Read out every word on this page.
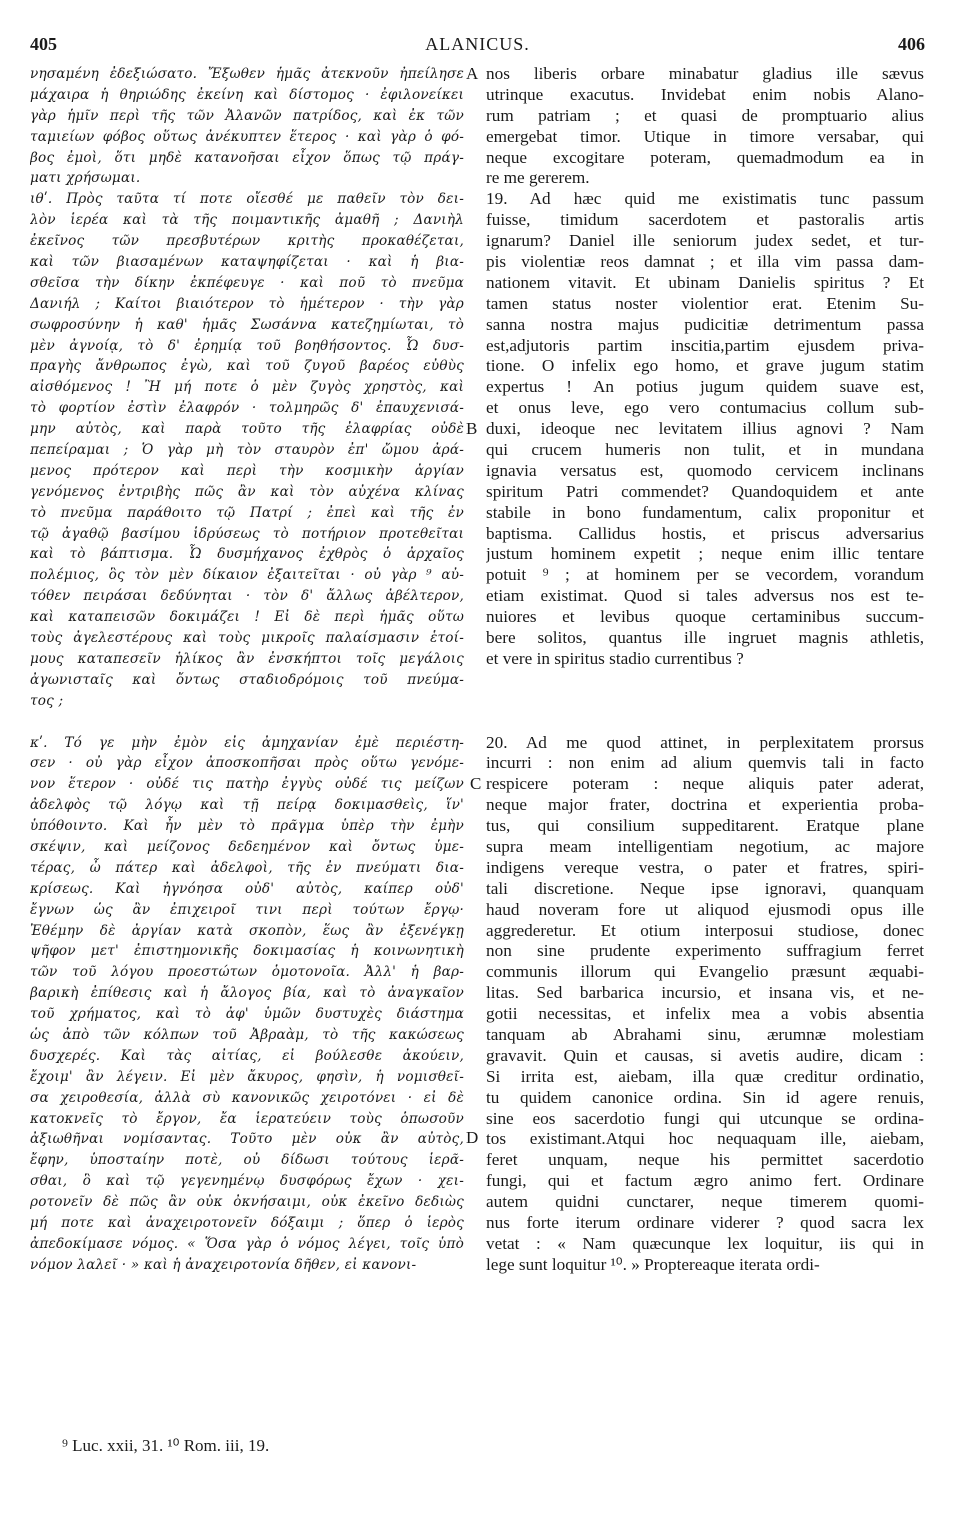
405	ALANICUS.	406
νησαμένη ἐδεξιώσατο. Ἔξωθεν ἡμᾶς ἀτεκνοῦν ἠπείλησε
μάχαιρα ἡ θηριώδης ἐκείνη καὶ δίστομος · ἐφιλονείκει
γὰρ ἡμῖν περὶ τῆς τῶν Ἀλανῶν πατρίδος, καὶ ἐκ τῶν
ταμιείων φόβος οὕτως ἀνέκυπτεν ἕτερος · καὶ γὰρ ὁ φό-
βος ἐμοὶ, ὅτι μηδὲ κατανοῆσαι εἶχον ὅπως τῷ πράγ-
ματι χρήσωμαι.
ιθʹ. Πρὸς ταῦτα τί ποτε οἴεσθέ με παθεῖν τὸν δει-
λὸν ἱερέα καὶ τὰ τῆς ποιμαντικῆς ἀμαθῆ ; Δανιὴλ
ἐκεῖνος τῶν πρεσβυτέρων κριτὴς προκαθέζεται,
καὶ τῶν βιασαμένων καταψηφίζεται · καὶ ἡ βια-
σθεῖσα τὴν δίκην ἐκπέφευγε · καὶ ποῦ τὸ πνεῦμα
Δανιήλ ; Καίτοι βιαιότερον τὸ ἡμέτερον · τὴν γὰρ
σωφροσύνην ἡ καθ' ἡμᾶς Σωσάννα κατεζημίωται, τὸ
μὲν ἀγνοίᾳ, τὸ δ' ἐρημίᾳ τοῦ βοηθήσοντος. Ὦ δυσ-
πραγὴς ἄνθρωπος ἐγὼ, καὶ τοῦ ζυγοῦ βαρέος εὐθὺς
αἰσθόμενος ! Ἢ μή ποτε ὁ μὲν ζυγὸς χρηστὸς, καὶ
τὸ φορτίον ἐστὶν ἐλαφρόν · τολμηρῶς δ' ἐπαυχενισά-
μην αὐτὸς, καὶ παρὰ τοῦτο τῆς ἐλαφρίας οὐδὲ
πεπείραμαι ; Ὁ γὰρ μὴ τὸν σταυρὸν ἐπ' ὤμου ἀρά-
μενος πρότερον καὶ περὶ τὴν κοσμικὴν ἀργίαν
γενόμενος ἐντριβὴς πῶς ἂν καὶ τὸν αὐχένα κλίνας
τὸ πνεῦμα παράθοιτο τῷ Πατρί ; ἐπεὶ καὶ τῆς ἐν
τῷ ἀγαθῷ βασίμου ἱδρύσεως τὸ ποτήριον προτεθεῖται
καὶ τὸ βάπτισμα. Ὦ δυσμήχανος ἐχθρὸς ὁ ἀρχαῖος
πολέμιος, ὃς τὸν μὲν δίκαιον ἐξαιτεῖται · οὐ γὰρ ⁹ αὐ-
τόθεν πειράσαι δεδύνηται · τὸν δ' ἄλλως ἀβέλτερον,
καὶ καταπεισῶν δοκιμάζει ! Εἰ δὲ περὶ ἡμᾶς οὕτω
τοὺς ἀγελεστέρους καὶ τοὺς μικροῖς παλαίσμασιν ἑτοί-
μους καταπεσεῖν ἡλίκος ἂν ἐνσκήπτοι τοῖς μεγάλοις
ἀγωνισταῖς καὶ ὄντως σταδιοδρόμοις τοῦ πνεύμα-
τος ;
κʹ. Τό γε μὴν ἐμὸν εἰς ἀμηχανίαν ἐμὲ περιέστη-
σεν · οὐ γὰρ εἶχον ἀποσκοπῆσαι πρὸς οὕτω γενόμε-
νον ἕτερον · οὐδέ τις πατὴρ ἐγγὺς οὐδέ τις μείζων
ἀδελφὸς τῷ λόγῳ καὶ τῇ πείρᾳ δοκιμασθεὶς, ἵν'
ὑπόθοιντο. Καὶ ἦν μὲν τὸ πρᾶγμα ὑπὲρ τὴν ἐμὴν
σκέψιν, καὶ μείζονος δεδεημένον καὶ ὄντως ὑμε-
τέρας, ὦ πάτερ καὶ ἀδελφοὶ, τῆς ἐν πνεύματι δια-
κρίσεως. Καὶ ἠγνόησα οὐδ' αὐτὸς, καίπερ οὐδ'
ἔγνων ὡς ἂν ἐπιχειροῖ τινι περὶ τούτων ἔργῳ·
Ἐθέμην δὲ ἀργίαν κατὰ σκοπὸν, ἕως ἂν ἐξενέγκῃ
ψῆφον μετ' ἐπιστημονικῆς δοκιμασίας ἡ κοινωνητικὴ
τῶν τοῦ λόγου προεστώτων ὁμοτονοῖα. Ἀλλ' ἡ βαρ-
βαρικὴ ἐπίθεσις καὶ ἡ ἄλογος βία, καὶ τὸ ἀναγκαῖον
τοῦ χρήματος, καὶ τὸ ἀφ' ὑμῶν δυστυχὲς διάστημα
ὡς ἀπὸ τῶν κόλπων τοῦ Ἀβραὰμ, τὸ τῆς κακώσεως
δυσχερές. Καὶ τὰς αἰτίας, εἰ βούλεσθε ἀκούειν,
ἔχοιμ' ἂν λέγειν. Εἰ μὲν ἄκυρος, φησὶν, ἡ νομισθεῖ-
σα χειροθεσία, ἀλλὰ σὺ κανονικῶς χειροτόνει · εἰ δὲ
κατοκνεῖς τὸ ἔργον, ἔα ἱερατεύειν τοὺς ὁπωσοῦν
ἀξιωθῆναι νομίσαντας. Τοῦτο μὲν οὐκ ἂν αὐτὸς,
ἔφην, ὑποσταίην ποτὲ, οὐ δίδωσι τούτους ἱερᾶ-
σθαι, ὃ καὶ τῷ γεγενημένῳ δυσφόρως ἔχων · χει-
ροτονεῖν δὲ πῶς ἂν οὐκ ὀκνήσαιμι, οὐκ ἐκεῖνο δεδιὼς
μή ποτε καὶ ἀναχειροτονεῖν δόξαιμι ; ὅπερ ὁ ἱερὸς
ἀπεδοκίμασε νόμος. « Ὅσα γὰρ ὁ νόμος λέγει, τοῖς ὑπὸ
νόμον λαλεῖ · » καὶ ἡ ἀναχειροτονία δῆθεν, εἰ κανονι-
nos liberis orbare minabatur gladius ille sævus
utrinque exacutus. Invidebat enim nobis Alano-
rum patriam ; et quasi de promptuario alius
emergebat timor. Utique in timore versabar, qui
neque excogitare poteram, quemadmodum ea in
re me gererem.
19. Ad hæc quid me existimatis tunc passum
fuisse, timidum sacerdotem et pastoralis artis
ignarum? Daniel ille seniorum judex sedet, et tur-
pis violentiæ reos damnat ; et illa vim passa dam-
nationem vitavit. Et ubinam Danielis spiritus ? Et
tamen status noster violentior erat. Etenim Su-
sanna nostra majus pudicitiæ detrimentum passa
est,adjutoris partim inscitia,partim ejusdem priva-
tione. O infelix ego homo, et grave jugum statim
expertus ! An potius jugum quidem suave est,
et onus leve, ego vero contumacius collum sub-
duxi, ideoque nec levitatem illius agnovi ? Nam
qui crucem humeris non tulit, et in mundana
ignavia versatus est, quomodo cervicem inclinans
spiritum Patri commendet? Quandoquidem et ante
stabile in bono fundamentum, calix proponitur et
baptisma. Callidus hostis, et priscus adversarius
justum hominem expetit ; neque enim illic tentare
potuit ⁹ ; at hominem per se vecordem, vorandum
etiam existimat. Quod si tales adversus nos est te-
nuiores et levibus quoque certaminibus succum-
bere solitos, quantus ille ingruet magnis athletis,
et vere in spiritus stadio currentibus ?
20. Ad me quod attinet, in perplexitatem prorsus
incurri : non enim ad alium quemvis tali in facto
respicere poteram : neque aliquis pater aderat,
neque major frater, doctrina et experientia proba-
tus, qui consilium suppeditarent. Eratque plane
supra meam intelligentiam negotium, ac majore
indigens vereque vestra, o pater et fratres, spiri-
tali discretione. Neque ipse ignoravi, quanquam
haud noveram fore ut aliquod ejusmodi opus ille
aggrederetur. Et otium interposui studiose, donec
non sine prudente experimento suffragium ferret
communis illorum qui Evangelio præsunt æquabi-
litas. Sed barbarica incursio, et insana vis, et ne-
gotii necessitas, et infelix mea a vobis absentia
tanquam ab Abrahami sinu, ærumnæ molestiam
gravavit. Quin et causas, si avetis audire, dicam :
Si irrita est, aiebam, illa quæ creditur ordinatio,
tu quidem canonice ordina. Sin id agere renuis,
sine eos sacerdotio fungi qui utcunque se ordina-
tos existimant.Atqui hoc nequaquam ille, aiebam,
feret unquam, neque his permittet sacerdotio
fungi, qui et factum ægro animo fert. Ordinare
autem quidni cunctarer, neque timerem quomi-
nus forte iterum ordinare viderer ? quod sacra lex
vetat : « Nam quæcunque lex loquitur, iis qui in
lege sunt loquitur ¹⁰. » Proptereaque iterata ordi-
A
B
C
D
⁹ Luc. xxii, 31. ¹⁰ Rom. iii, 19.
